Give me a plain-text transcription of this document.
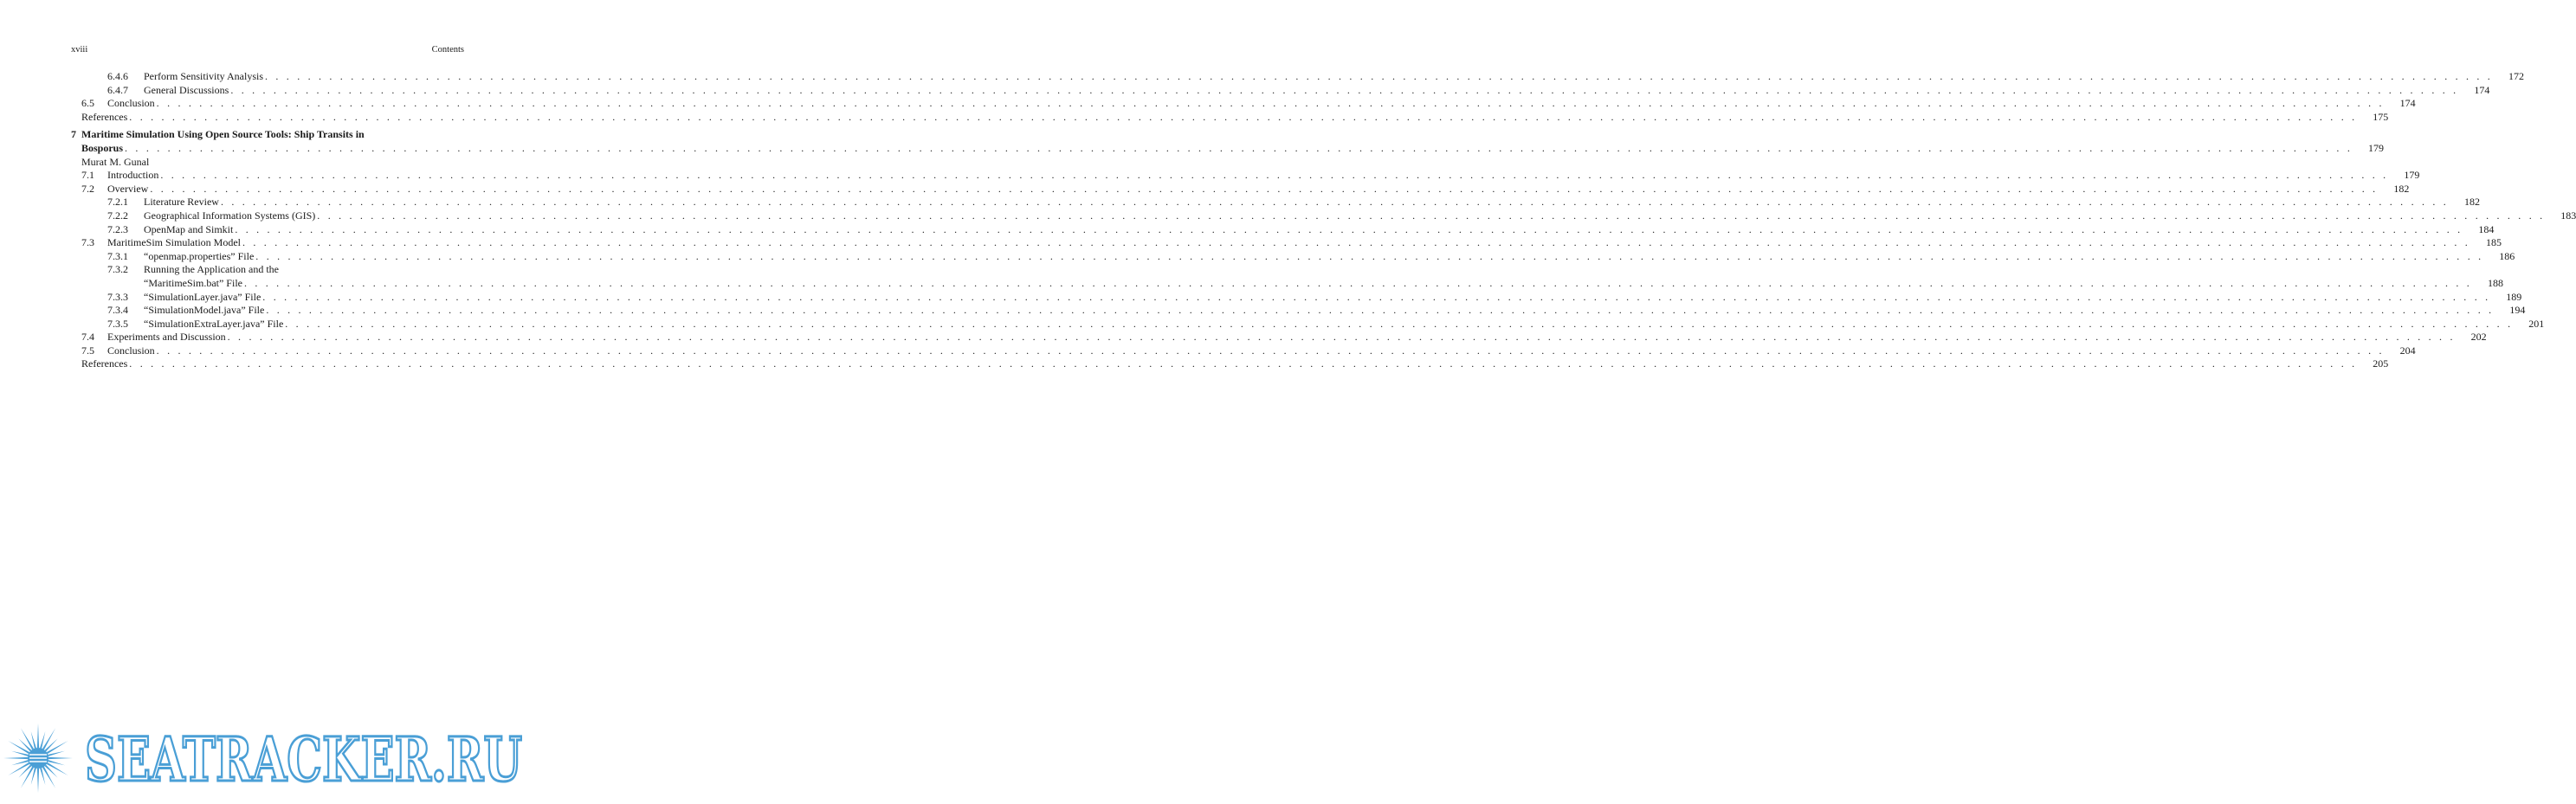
xviii	Contents
6.4.6 Perform Sensitivity Analysis . . .	172
6.4.7 General Discussions . . .	174
6.5 Conclusion . . .	174
References . . .	175
7 Maritime Simulation Using Open Source Tools: Ship Transits in
Bosporus . . .	179
Murat M. Gunal
7.1 Introduction . . .	179
7.2 Overview . . .	182
7.2.1 Literature Review . . .	182
7.2.2 Geographical Information Systems (GIS) . . .	183
7.2.3 OpenMap and Simkit . . .	184
7.3 MaritimeSim Simulation Model . . .	185
7.3.1 “openmap.properties” File . . .	186
7.3.2 Running the Application and the
“MaritimeSim.bat” File . . .	188
7.3.3 “SimulationLayer.java” File . . .	189
7.3.4 “SimulationModel.java” File . . .	194
7.3.5 “SimulationExtraLayer.java” File . . .	201
7.4 Experiments and Discussion . . .	202
7.5 Conclusion . . .	204
References . . .	205
SEATRACKER.RU
